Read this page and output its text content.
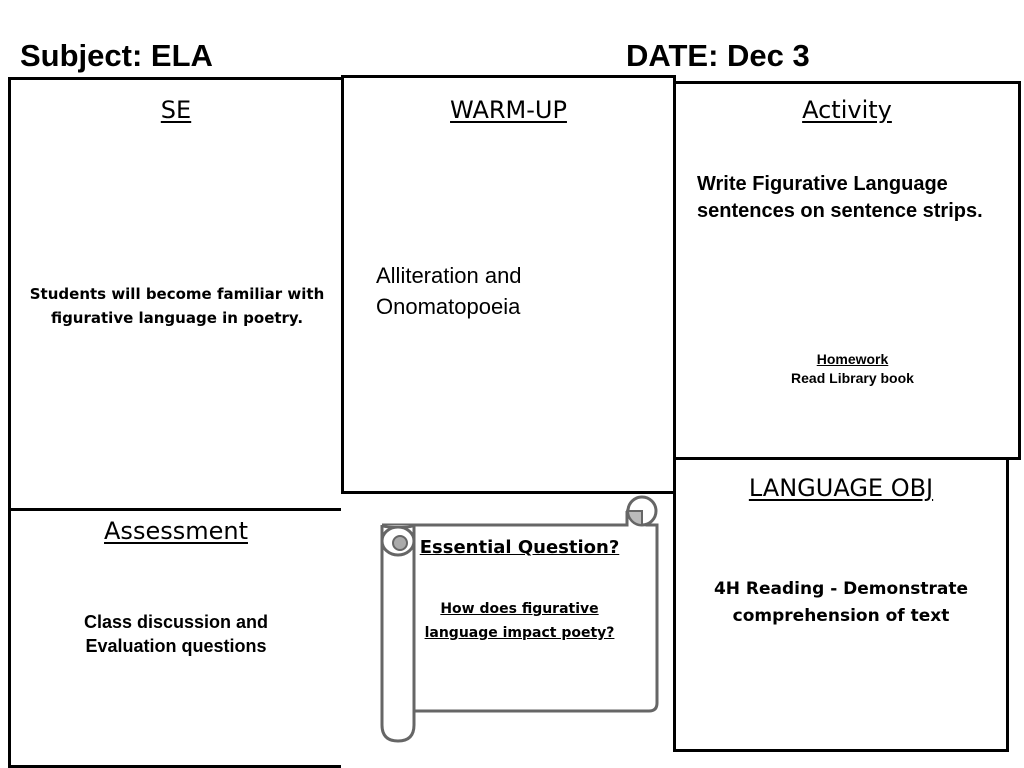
Subject: ELA	DATE: Dec 3
SE
Students will become familiar with figurative language in poetry.
WARM-UP
Alliteration and
Onomatopoeia
Activity
Write Figurative Language sentences on sentence strips.
Homework
Read Library book
Assessment
Class discussion and
Evaluation questions
Essential Question?
How does figurative
language impact poety?
LANGUAGE OBJ
4H Reading - Demonstrate
comprehension of text
